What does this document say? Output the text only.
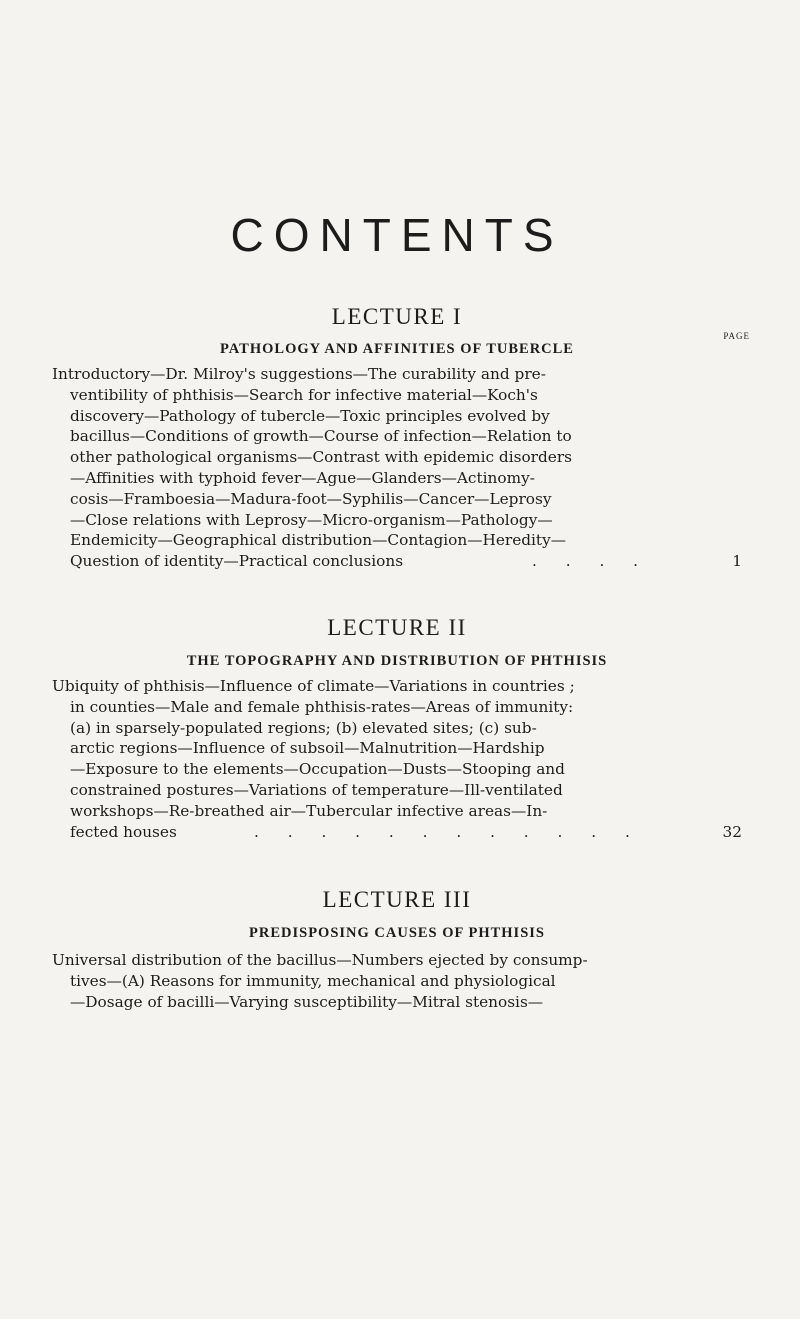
CONTENTS
LECTURE I
PATHOLOGY AND AFFINITIES OF TUBERCLE
PAGE
Introductory—Dr. Milroy's suggestions—The curability and pre-
ventibility of phthisis—Search for infective material—Koch's
discovery—Pathology of tubercle—Toxic principles evolved by
bacillus—Conditions of growth—Course of infection—Relation to
other pathological organisms—Contrast with epidemic disorders
—Affinities with typhoid fever—Ague—Glanders—Actinomy-
cosis—Framboesia—Madura-foot—Syphilis—Cancer—Leprosy
—Close relations with Leprosy—Micro-organism—Pathology—
Endemicity—Geographical distribution—Contagion—Heredity—
Question of identity—Practical conclusions	. . . .	1
LECTURE II
THE TOPOGRAPHY AND DISTRIBUTION OF PHTHISIS
Ubiquity of phthisis—Influence of climate—Variations in countries ;
in counties—Male and female phthisis-rates—Areas of immunity:
(a) in sparsely-populated regions; (b) elevated sites; (c) sub-
arctic regions—Influence of subsoil—Malnutrition—Hardship
—Exposure to the elements—Occupation—Dusts—Stooping and
constrained postures—Variations of temperature—Ill-ventilated
workshops—Re-breathed air—Tubercular infective areas—In-
fected houses	. . . . . . . . . . . .	32
LECTURE III
PREDISPOSING CAUSES OF PHTHISIS
Universal distribution of the bacillus—Numbers ejected by consump-
tives—(A) Reasons for immunity, mechanical and physiological
—Dosage of bacilli—Varying susceptibility—Mitral stenosis—
